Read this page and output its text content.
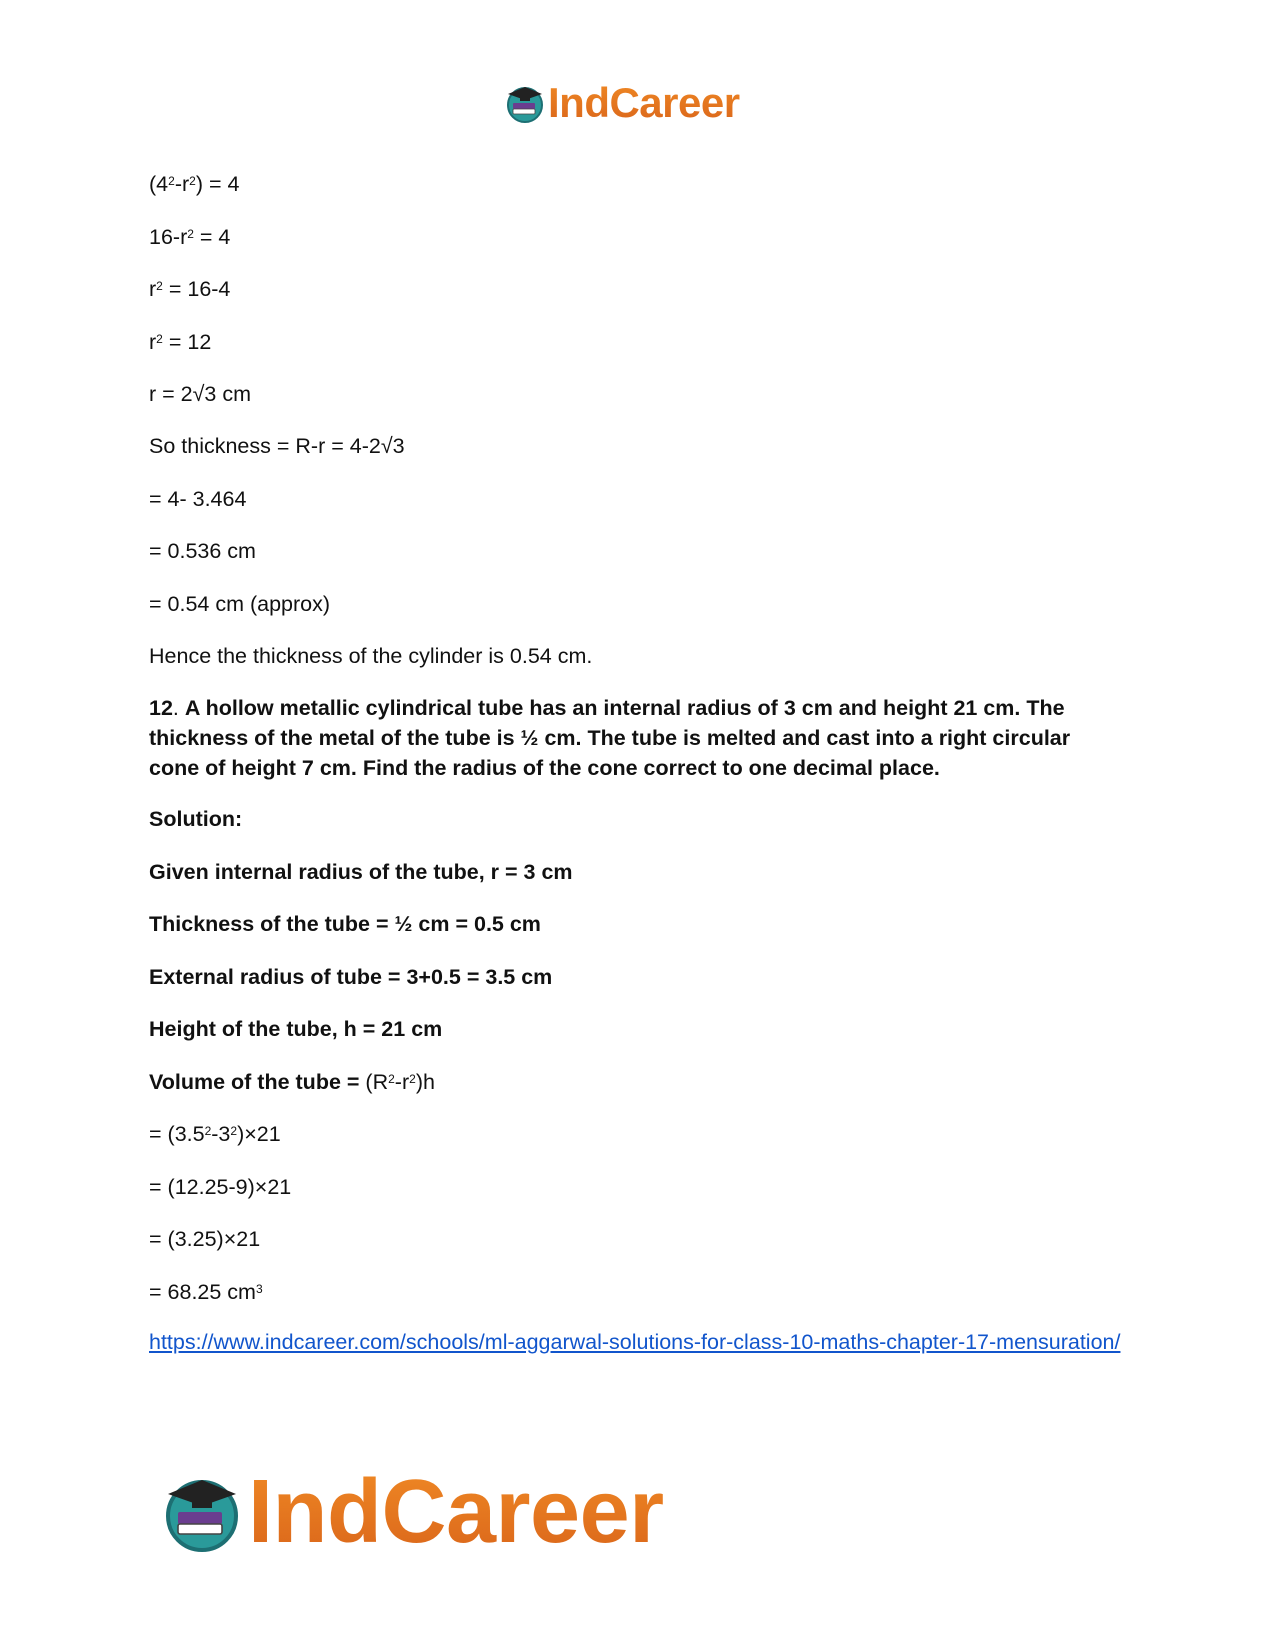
IndCareer
$(4^2-r^2) = 4$
$16-r^2 = 4$
$r^2 = 16-4$
$r^2 = 12$
r = 2√3 cm
So thickness = R-r = 4-2√3
= 4- 3.464
= 0.536 cm
= 0.54 cm (approx)
Hence the thickness of the cylinder is 0.54 cm.
12. A hollow metallic cylindrical tube has an internal radius of 3 cm and height 21 cm. The thickness of the metal of the tube is ½ cm. The tube is melted and cast into a right circular cone of height 7 cm. Find the radius of the cone correct to one decimal place.
Solution:
Given internal radius of the tube, r = 3 cm
Thickness of the tube = ½ cm = 0.5 cm
External radius of tube = 3+0.5 = 3.5 cm
Height of the tube, h = 21 cm
Volume of the tube = $(R^2-r^2)h$
= $(3.5^2-3^2)\times 21$
= (12.25-9)×21
= (3.25)×21
= 68.25 $cm^3$
https://www.indcareer.com/schools/ml-aggarwal-solutions-for-class-10-maths-chapter-17-mensuration/
IndCareer
